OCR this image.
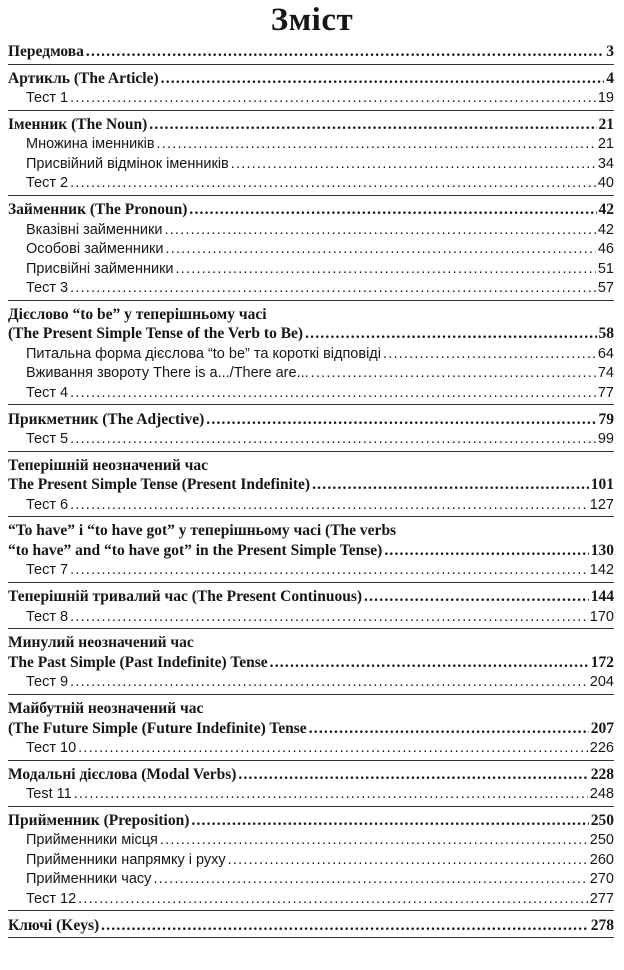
Зміст
Передмова .....	3
Артикль (The Article) .....	4
Тест 1 .....	19
Іменник (The Noun) .....	21
Множина іменників .....	21
Присвійний відмінок іменників .....	34
Тест 2 .....	40
Займенник (The Pronoun) .....	42
Вказівні займенники .....	42
Особові займенники .....	46
Присвійні займенники .....	51
Тест 3 .....	57
Дієслово “to be” у теперішньому часі
(The Present Simple Tense of the Verb to Be) .....	58
Питальна форма дієслова “to be” та короткі відповіді .....	64
Вживання звороту There is a.../There are... .....	74
Тест 4 .....	77
Прикметник (The Adjective) .....	79
Тест 5 .....	99
Теперішній неозначений час
The Present Simple Tense (Present Indefinite) .....	101
Тест 6 .....	127
“To have” і “to have got” у теперішньому часі (The verbs
“to have” and “to have got” in the Present Simple Tense) .....	130
Тест 7 .....	142
Теперішній тривалий час (The Present Continuous) .....	144
Тест 8 .....	170
Минулий неозначений час
The Past Simple (Past Indefinite) Tense .....	172
Тест 9 .....	204
Майбутній неозначений час
(The Future Simple (Future Indefinite) Tense .....	207
Тест 10 .....	226
Модальні дієслова (Modal Verbs) .....	228
Test 11 .....	248
Прийменник (Preposition) .....	250
Прийменники місця .....	250
Прийменники напрямку і руху .....	260
Прийменники часу .....	270
Тест 12 .....	277
Ключі (Keys) .....	278
